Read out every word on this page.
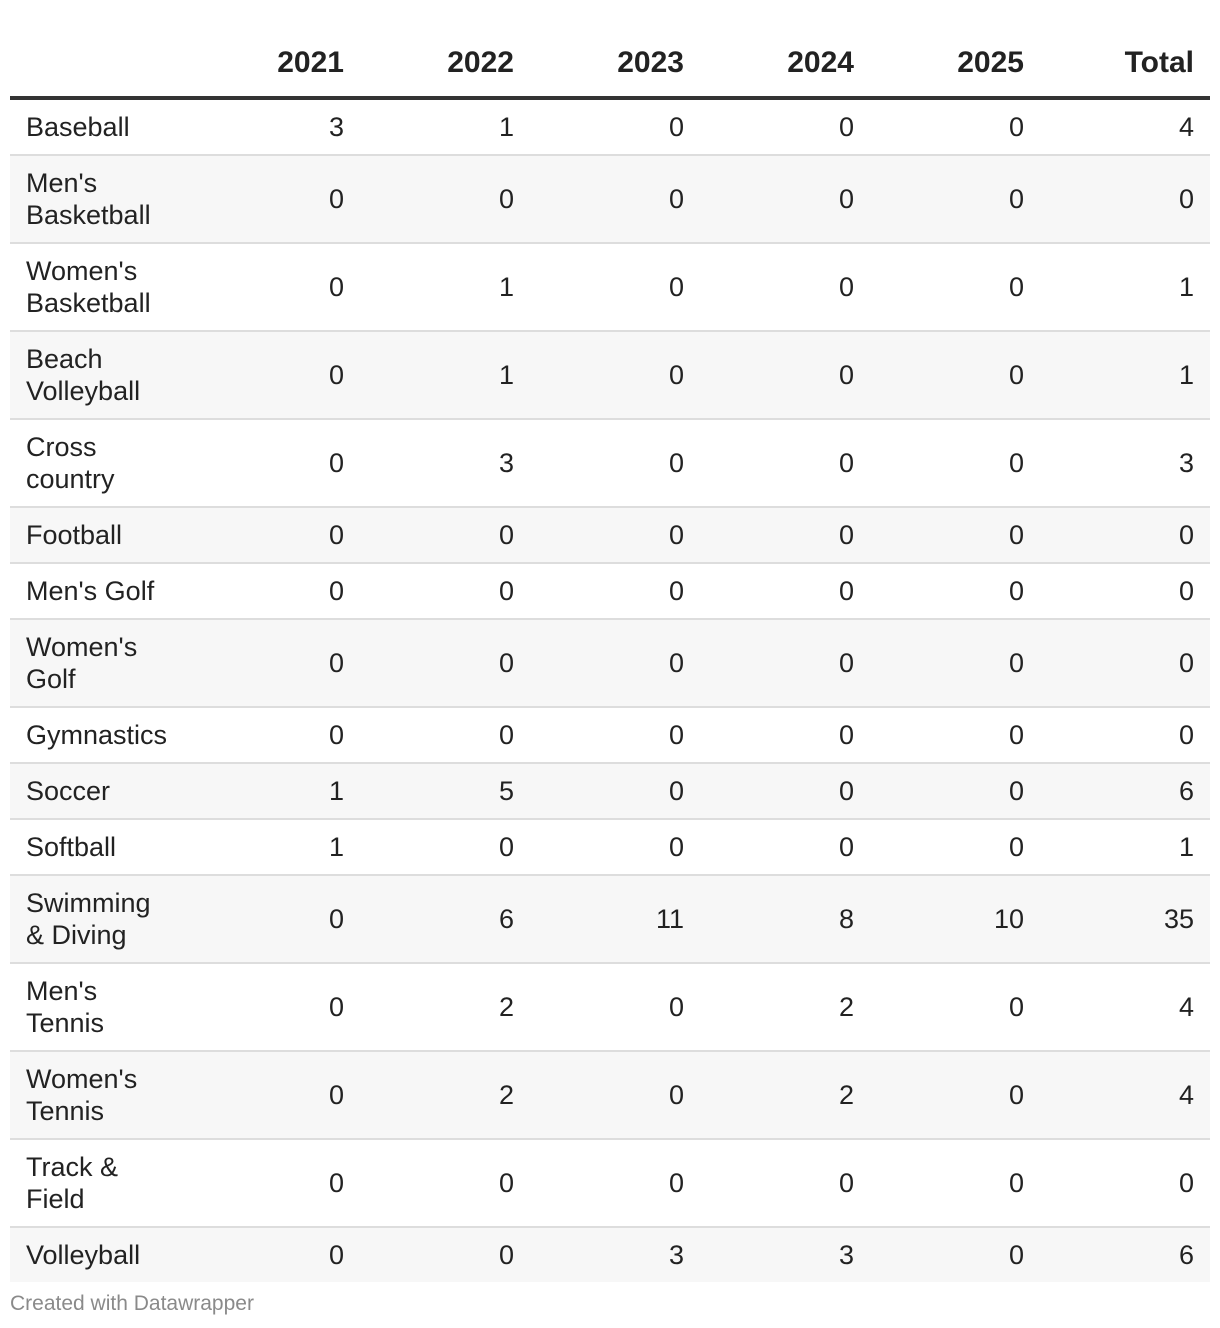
	2021	2022	2023	2024	2025	Total
Baseball	3	1	0	0	0	4
Men's Basketball	0	0	0	0	0	0
Women's Basketball	0	1	0	0	0	1
Beach Volleyball	0	1	0	0	0	1
Cross country	0	3	0	0	0	3
Football	0	0	0	0	0	0
Men's Golf	0	0	0	0	0	0
Women's Golf	0	0	0	0	0	0
Gymnastics	0	0	0	0	0	0
Soccer	1	5	0	0	0	6
Softball	1	0	0	0	0	1
Swimming & Diving	0	6	11	8	10	35
Men's Tennis	0	2	0	2	0	4
Women's Tennis	0	2	0	2	0	4
Track & Field	0	0	0	0	0	0
Volleyball	0	0	3	3	0	6
Created with Datawrapper
